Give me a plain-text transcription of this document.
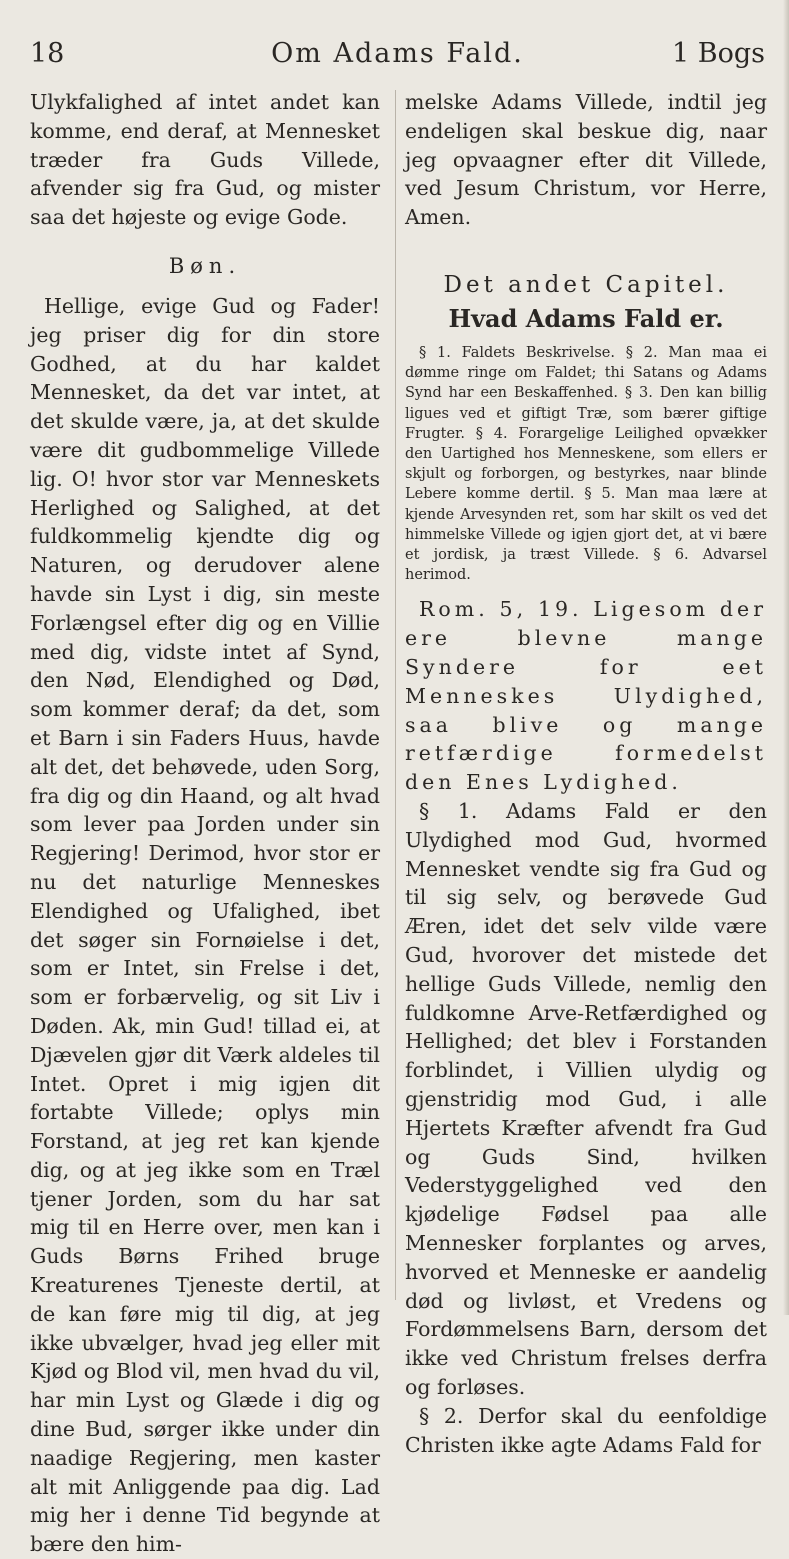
18	Om Adams Fald.	1 Bogs

Ulykfalighed af intet andet kan komme, end deraf, at Mennesket træder fra Guds Villede, afvender sig fra Gud, og mister saa det højeste og evige Gode.

Bøn.

Hellige, evige Gud og Fader! jeg priser dig for din store Godhed, at du har kaldet Mennesket, da det var intet, at det skulde være, ja, at det skulde være dit gudbommelige Villede lig. O! hvor stor var Menneskets Herlighed og Salighed, at det fuldkommelig kjendte dig og Naturen, og derudover alene havde sin Lyst i dig, sin meste Forlængsel efter dig og en Villie med dig, vidste intet af Synd, den Nød, Elendighed og Død, som kommer deraf; da det, som et Barn i sin Faders Huus, havde alt det, det behøvede, uden Sorg, fra dig og din Haand, og alt hvad som lever paa Jorden under sin Regjering! Derimod, hvor stor er nu det naturlige Menneskes Elendighed og Ufalighed, ibet det søger sin Fornøielse i det, som er Intet, sin Frelse i det, som er forbærvelig, og sit Liv i Døden. Ak, min Gud! tillad ei, at Djævelen gjør dit Værk aldeles til Intet. Opret i mig igjen dit fortabte Villede; oplys min Forstand, at jeg ret kan kjende dig, og at jeg ikke som en Træl tjener Jorden, som du har sat mig til en Herre over, men kan i Guds Børns Frihed bruge Kreaturenes Tjeneste dertil, at de kan føre mig til dig, at jeg ikke ubvælger, hvad jeg eller mit Kjød og Blod vil, men hvad du vil, har min Lyst og Glæde i dig og dine Bud, sørger ikke under din naadige Regjering, men kaster alt mit Anliggende paa dig. Lad mig her i denne Tid begynde at bære den him-

melske Adams Villede, indtil jeg endeligen skal beskue dig, naar jeg opvaagner efter dit Villede, ved Jesum Christum, vor Herre, Amen.

Det andet Capitel.
Hvad Adams Fald er.

§ 1. Faldets Beskrivelse. § 2. Man maa ei dømme ringe om Faldet; thi Satans og Adams Synd har een Beskaffenhed. § 3. Den kan billig ligues ved et giftigt Træ, som bærer giftige Frugter. § 4. Forargelige Leilighed opvækker den Uartighed hos Menneskene, som ellers er skjult og forborgen, og bestyrkes, naar blinde Lebere komme dertil. § 5. Man maa lære at kjende Arvesynden ret, som har skilt os ved det himmelske Villede og igjen gjort det, at vi bære et jordisk, ja træst Villede. § 6. Advarsel herimod.

Rom. 5, 19. Ligesom der ere blevne mange Syndere for eet Menneskes Ulydighed, saa blive og mange retfærdige formedelst den Enes Lydighed.

§ 1. Adams Fald er den Ulydighed mod Gud, hvormed Mennesket vendte sig fra Gud og til sig selv, og berøvede Gud Æren, idet det selv vilde være Gud, hvorover det mistede det hellige Guds Villede, nemlig den fuldkomne Arve-Retfærdighed og Hellighed; det blev i Forstanden forblindet, i Villien ulydig og gjenstridig mod Gud, i alle Hjertets Kræfter afvendt fra Gud og Guds Sind, hvilken Vederstyggelighed ved den kjødelige Fødsel paa alle Mennesker forplantes og arves, hvorved et Menneske er aandelig død og livløst, et Vredens og Fordømmelsens Barn, dersom det ikke ved Christum frelses derfra og forløses.

§ 2. Derfor skal du eenfoldige Christen ikke agte Adams Fald for
